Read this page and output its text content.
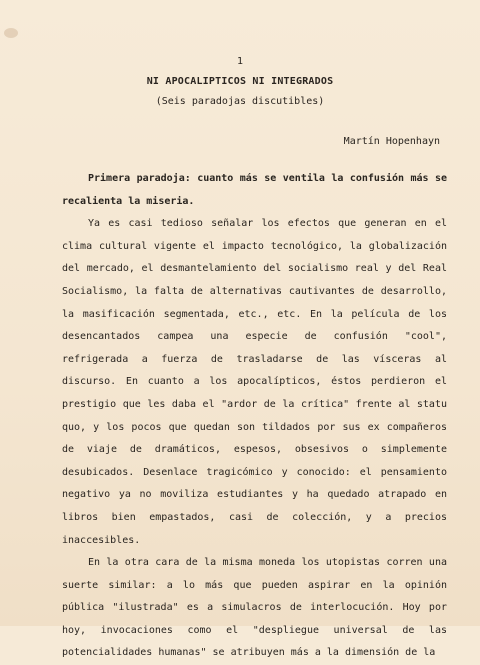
1
NI APOCALIPTICOS NI INTEGRADOS
(Seis paradojas discutibles)
Martín Hopenhayn

Primera paradoja: cuanto más se ventila la confusión más se recalienta la miseria.

Ya es casi tedioso señalar los efectos que generan en el clima cultural vigente el impacto tecnológico, la globalización del mercado, el desmantelamiento del socialismo real y del Real Socialismo, la falta de alternativas cautivantes de desarrollo, la masificación segmentada, etc., etc. En la película de los desencantados campea una especie de confusión "cool", refrigerada a fuerza de trasladarse de las vísceras al discurso. En cuanto a los apocalípticos, éstos perdieron el prestigio que les daba el "ardor de la crítica" frente al statu quo, y los pocos que quedan son tildados por sus ex compañeros de viaje de dramáticos, espesos, obsesivos o simplemente desubicados. Desenlace tragicómico y conocido: el pensamiento negativo ya no moviliza estudiantes y ha quedado atrapado en libros bien empastados, casi de colección, y a precios inaccesibles.

En la otra cara de la misma moneda los utopistas corren una suerte similar: a lo más que pueden aspirar en la opinión pública "ilustrada" es a simulacros de interlocución. Hoy por hoy, invocaciones como el "despliegue universal de las potencialidades humanas" se atribuyen más a la dimensión de la
